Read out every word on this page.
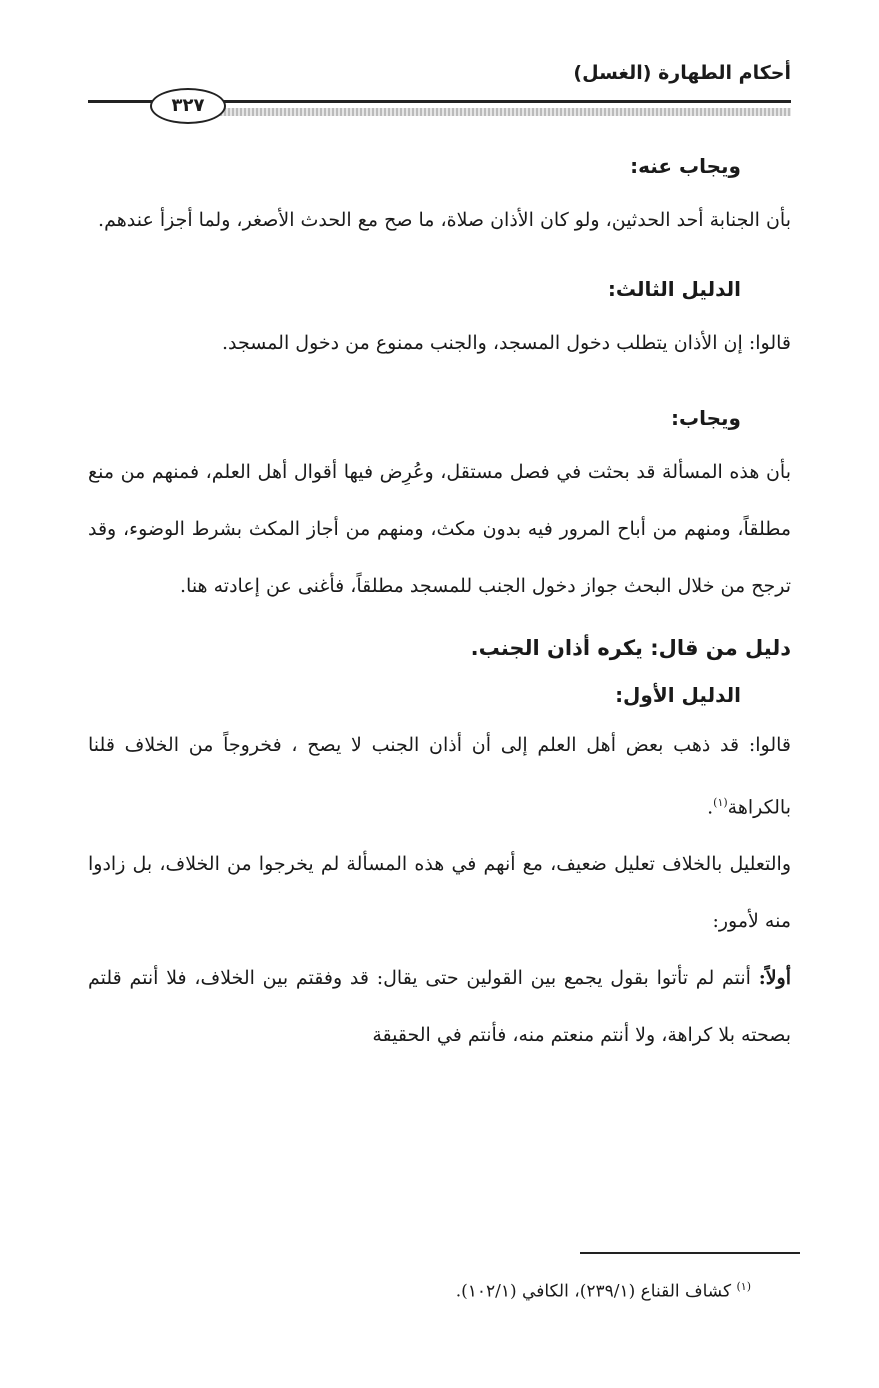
أحكام الطهارة (الغسل)
٣٢٧

ويجاب عنه:

بأن الجنابة أحد الحدثين، ولو كان الأذان صلاة، ما صح مع الحدث الأصغر، ولما أجزأ عندهم.

الدليل الثالث:

قالوا: إن الأذان يتطلب دخول المسجد، والجنب ممنوع من دخول المسجد.

ويجاب:

بأن هذه المسألة قد بحثت في فصل مستقل، وعُرِض فيها أقوال أهل العلم، فمنهم من منع مطلقاً، ومنهم من أباح المرور فيه بدون مكث، ومنهم من أجاز المكث بشرط الوضوء، وقد ترجح من خلال البحث جواز دخول الجنب للمسجد مطلقاً، فأغنى عن إعادته هنا.

دليل من قال: يكره أذان الجنب.

الدليل الأول:

قالوا: قد ذهب بعض أهل العلم إلى أن أذان الجنب لا يصح ، فخروجاً من الخلاف قلنا بالكراهة$^{(١)}$.

والتعليل بالخلاف تعليل ضعيف، مع أنهم في هذه المسألة لم يخرجوا من الخلاف، بل زادوا منه لأمور:

أولاً: أنتم لم تأتوا بقول يجمع بين القولين حتى يقال: قد وفقتم بين الخلاف، فلا أنتم قلتم بصحته بلا كراهة، ولا أنتم منعتم منه، فأنتم في الحقيقة

$^{(١)}$ كشاف القناع (٢٣٩/١)، الكافي (١٠٢/١).
